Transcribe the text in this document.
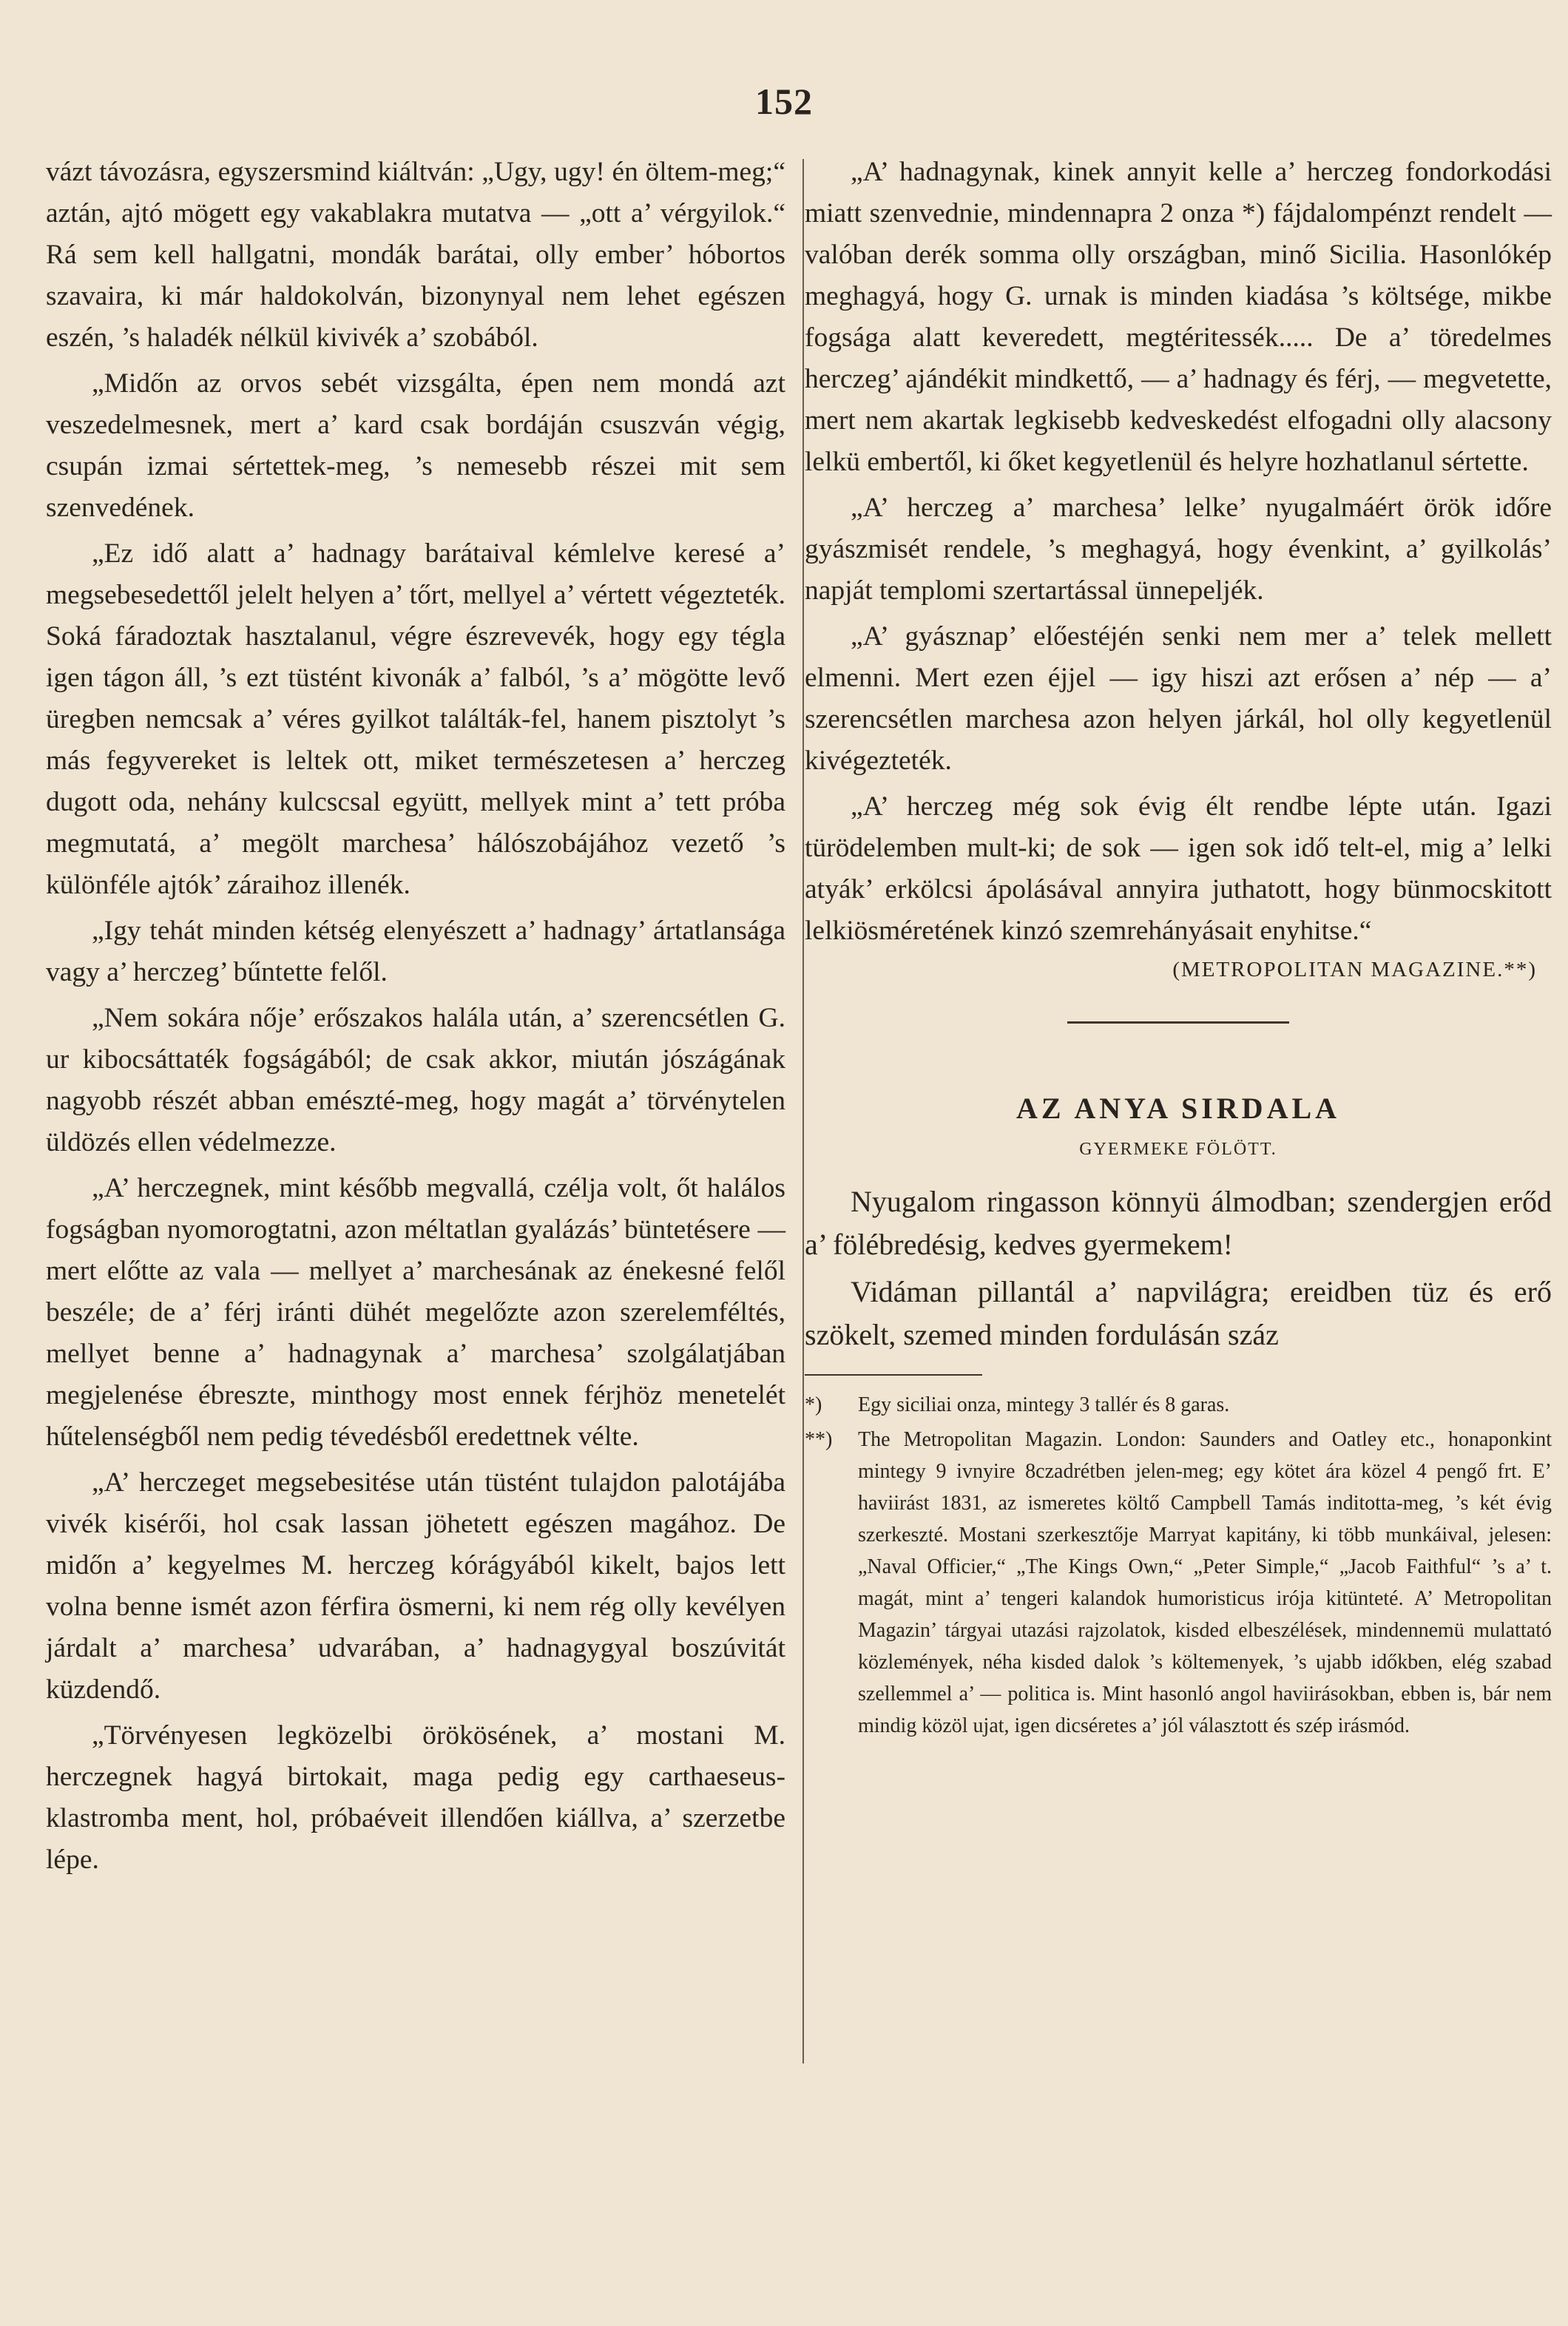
152

vázt távozásra, egyszersmind kiáltván: „Ugy, ugy! én öltem-meg;“ aztán, ajtó mögett egy vakablakra mutatva — „ott a’ vérgyilok.“ Rá sem kell hallgatni, mondák barátai, olly ember’ hóbortos szavaira, ki már haldokolván, bizonynyal nem lehet egészen eszén, ’s haladék nélkül kivivék a’ szobából.

„Midőn az orvos sebét vizsgálta, épen nem mondá azt veszedelmesnek, mert a’ kard csak bordáján csuszván végig, csupán izmai sértettek-meg, ’s nemesebb részei mit sem szenvedének.

„Ez idő alatt a’ hadnagy barátaival kémlelve keresé a’ megsebesedettől jelelt helyen a’ tőrt, mellyel a’ vértett végezteték. Soká fáradoztak hasztalanul, végre észrevevék, hogy egy tégla igen tágon áll, ’s ezt tüstént kivonák a’ falból, ’s a’ mögötte levő üregben nemcsak a’ véres gyilkot találták-fel, hanem pisztolyt ’s más fegyvereket is leltek ott, miket természetesen a’ herczeg dugott oda, nehány kulcscsal együtt, mellyek mint a’ tett próba megmutatá, a’ megölt marchesa’ hálószobájához vezető ’s különféle ajtók’ záraihoz illenék.

„Igy tehát minden kétség elenyészett a’ hadnagy’ ártatlansága vagy a’ herczeg’ bűntette felől.

„Nem sokára nője’ erőszakos halála után, a’ szerencsétlen G. ur kibocsáttaték fogságából; de csak akkor, miután jószágának nagyobb részét abban emészté-meg, hogy magát a’ törvénytelen üldözés ellen védelmezze.

„A’ herczegnek, mint később megvallá, czélja volt, őt halálos fogságban nyomorogtatni, azon méltatlan gyalázás’ büntetésere — mert előtte az vala — mellyet a’ marchesának az énekesné felől beszéle; de a’ férj iránti dühét megelőzte azon szerelemféltés, mellyet benne a’ hadnagynak a’ marchesa’ szolgálatjában megjelenése ébreszte, minthogy most ennek férjhöz menetelét hűtelenségből nem pedig tévedésből eredettnek vélte.

„A’ herczeget megsebesitése után tüstént tulajdon palotájába vivék kisérői, hol csak lassan jöhetett egészen magához. De midőn a’ kegyelmes M. herczeg kórágyából kikelt, bajos lett volna benne ismét azon férfira ösmerni, ki nem rég olly kevélyen járdalt a’ marchesa’ udvarában, a’ hadnagygyal boszúvitát küzdendő.

„Törvényesen legközelbi örökösének, a’ mostani M. herczegnek hagyá birtokait, maga pedig egy carthaeseus-klastromba ment, hol, próbaéveit illendően kiállva, a’ szerzetbe lépe.

„A’ hadnagynak, kinek annyit kelle a’ herczeg fondorkodási miatt szenvednie, mindennapra 2 onza *) fájdalompénzt rendelt — valóban derék somma olly országban, minő Sicilia. Hasonlókép meghagyá, hogy G. urnak is minden kiadása ’s költsége, mikbe fogsága alatt keveredett, megtéritessék..... De a’ töredelmes herczeg’ ajándékit mindkettő, — a’ hadnagy és férj, — megvetette, mert nem akartak legkisebb kedveskedést elfogadni olly alacsony lelkü embertől, ki őket kegyetlenül és helyre hozhatlanul sértette.

„A’ herczeg a’ marchesa’ lelke’ nyugalmáért örök időre gyászmisét rendele, ’s meghagyá, hogy évenkint, a’ gyilkolás’ napját templomi szertartással ünnepeljék.

„A’ gyásznap’ előestéjén senki nem mer a’ telek mellett elmenni. Mert ezen éjjel — igy hiszi azt erősen a’ nép — a’ szerencsétlen marchesa azon helyen járkál, hol olly kegyetlenül kivégezteték.

„A’ herczeg még sok évig élt rendbe lépte után. Igazi türödelemben mult-ki; de sok — igen sok idő telt-el, mig a’ lelki atyák’ erkölcsi ápolásával annyira juthatott, hogy bünmocskitott lelkiösméretének kinzó szemrehányásait enyhitse.“

(METROPOLITAN MAGAZINE.**)
AZ ANYA SIRDALA
GYERMEKE FÖLÖTT.

Nyugalom ringasson könnyü álmodban; szendergjen erőd a’ fölébredésig, kedves gyermekem!

Vidáman pillantál a’ napvilágra; ereidben tüz és erő szökelt, szemed minden fordulásán száz

*) Egy siciliai onza, mintegy 3 tallér és 8 garas.
**) The Metropolitan Magazin. London: Saunders and Oatley etc., honaponkint mintegy 9 ivnyire 8czadrétben jelen-meg; egy kötet ára közel 4 pengő frt. E’ haviirást 1831, az ismeretes költő Campbell Tamás inditotta-meg, ’s két évig szerkeszté. Mostani szerkesztője Marryat kapitány, ki több munkáival, jelesen: „Naval Officier,“ „The Kings Own,“ „Peter Simple,“ „Jacob Faithful“ ’s a’ t. magát, mint a’ tengeri kalandok humoristicus irója kitünteté. A’ Metropolitan Magazin’ tárgyai utazási rajzolatok, kisded elbeszélések, mindennemü mulattató közlemények, néha kisded dalok ’s költemenyek, ’s ujabb időkben, elég szabad szellemmel a’ — politica is. Mint hasonló angol haviirásokban, ebben is, bár nem mindig közöl ujat, igen dicséretes a’ jól választott és szép irásmód.
